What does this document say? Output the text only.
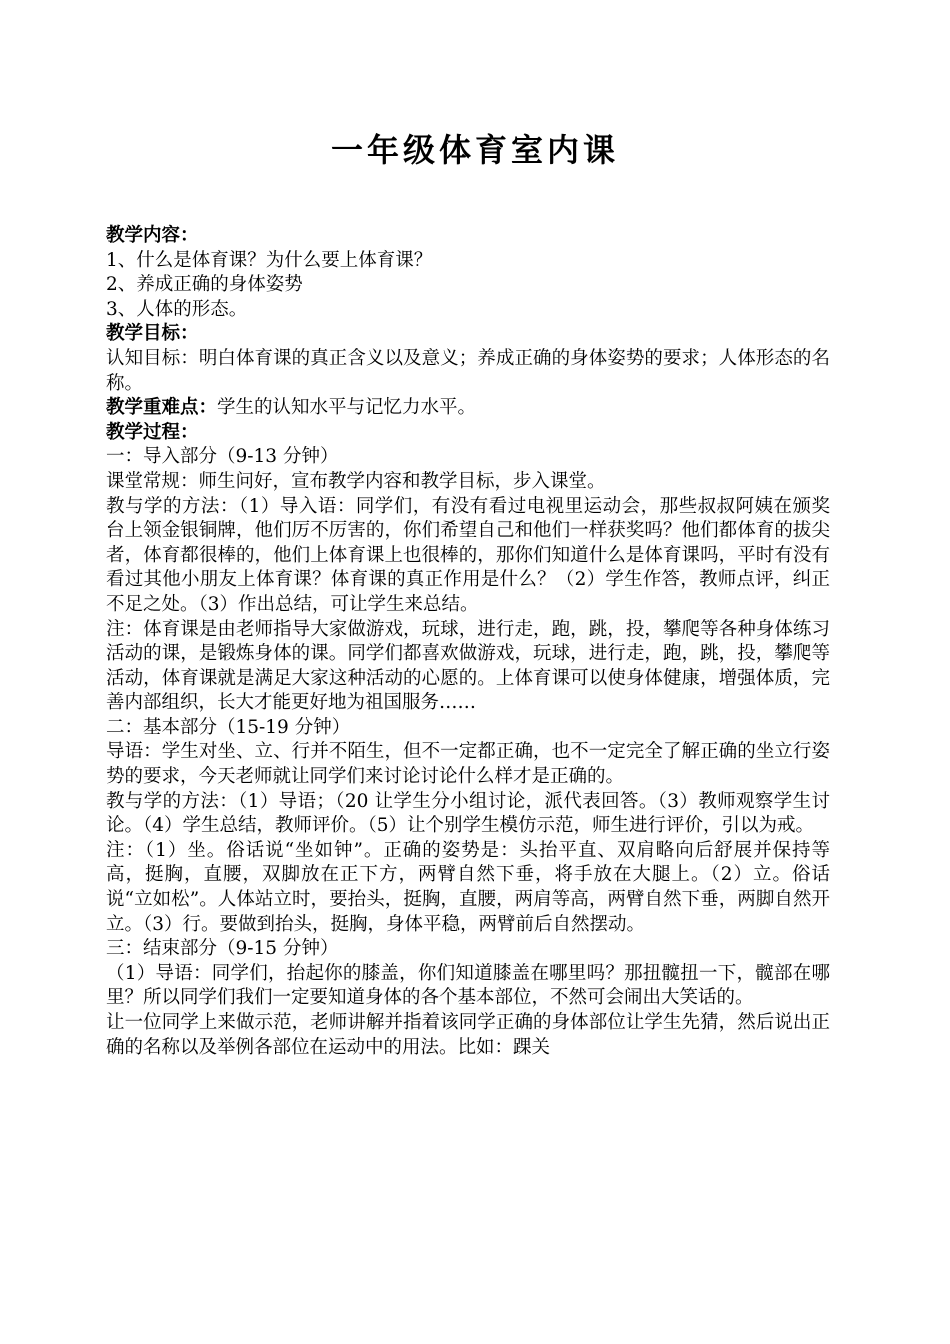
一年级体育室内课

教学内容：

1、什么是体育课？为什么要上体育课？

2、养成正确的身体姿势

3、人体的形态。

教学目标：

认知目标：明白体育课的真正含义以及意义；养成正确的身体姿势的要求；人体形态的名称。

教学重难点：学生的认知水平与记忆力水平。

教学过程：

一：导入部分（9-13 分钟）

课堂常规：师生问好，宣布教学内容和教学目标，步入课堂。

教与学的方法：（1）导入语：同学们，有没有看过电视里运动会，那些叔叔阿姨在颁奖台上领金银铜牌，他们厉不厉害的，你们希望自己和他们一样获奖吗？他们都体育的拔尖者，体育都很棒的，他们上体育课上也很棒的，那你们知道什么是体育课吗，平时有没有看过其他小朋友上体育课？体育课的真正作用是什么？（2）学生作答，教师点评，纠正不足之处。（3）作出总结，可让学生来总结。

注：体育课是由老师指导大家做游戏，玩球，进行走，跑，跳，投，攀爬等各种身体练习活动的课，是锻炼身体的课。同学们都喜欢做游戏，玩球，进行走，跑，跳，投，攀爬等活动，体育课就是满足大家这种活动的心愿的。上体育课可以使身体健康，增强体质，完善内部组织，长大才能更好地为祖国服务……

二：基本部分（15-19 分钟）

导语：学生对坐、立、行并不陌生，但不一定都正确，也不一定完全了解正确的坐立行姿势的要求，今天老师就让同学们来讨论讨论什么样才是正确的。

教与学的方法：（1）导语；（20 让学生分小组讨论，派代表回答。（3）教师观察学生讨论。（4）学生总结，教师评价。（5）让个别学生模仿示范，师生进行评价，引以为戒。

注：（1）坐。俗话说“坐如钟”。正确的姿势是：头抬平直、双肩略向后舒展并保持等高，挺胸，直腰，双脚放在正下方，两臂自然下垂，将手放在大腿上。（2）立。俗话说“立如松”。人体站立时，要抬头，挺胸，直腰，两肩等高，两臂自然下垂，两脚自然开立。（3）行。要做到抬头，挺胸，身体平稳，两臂前后自然摆动。

三：结束部分（9-15 分钟）

（1）导语：同学们，抬起你的膝盖，你们知道膝盖在哪里吗？那扭髋扭一下，髋部在哪里？所以同学们我们一定要知道身体的各个基本部位，不然可会闹出大笑话的。

让一位同学上来做示范，老师讲解并指着该同学正确的身体部位让学生先猜，然后说出正确的名称以及举例各部位在运动中的用法。比如：踝关
